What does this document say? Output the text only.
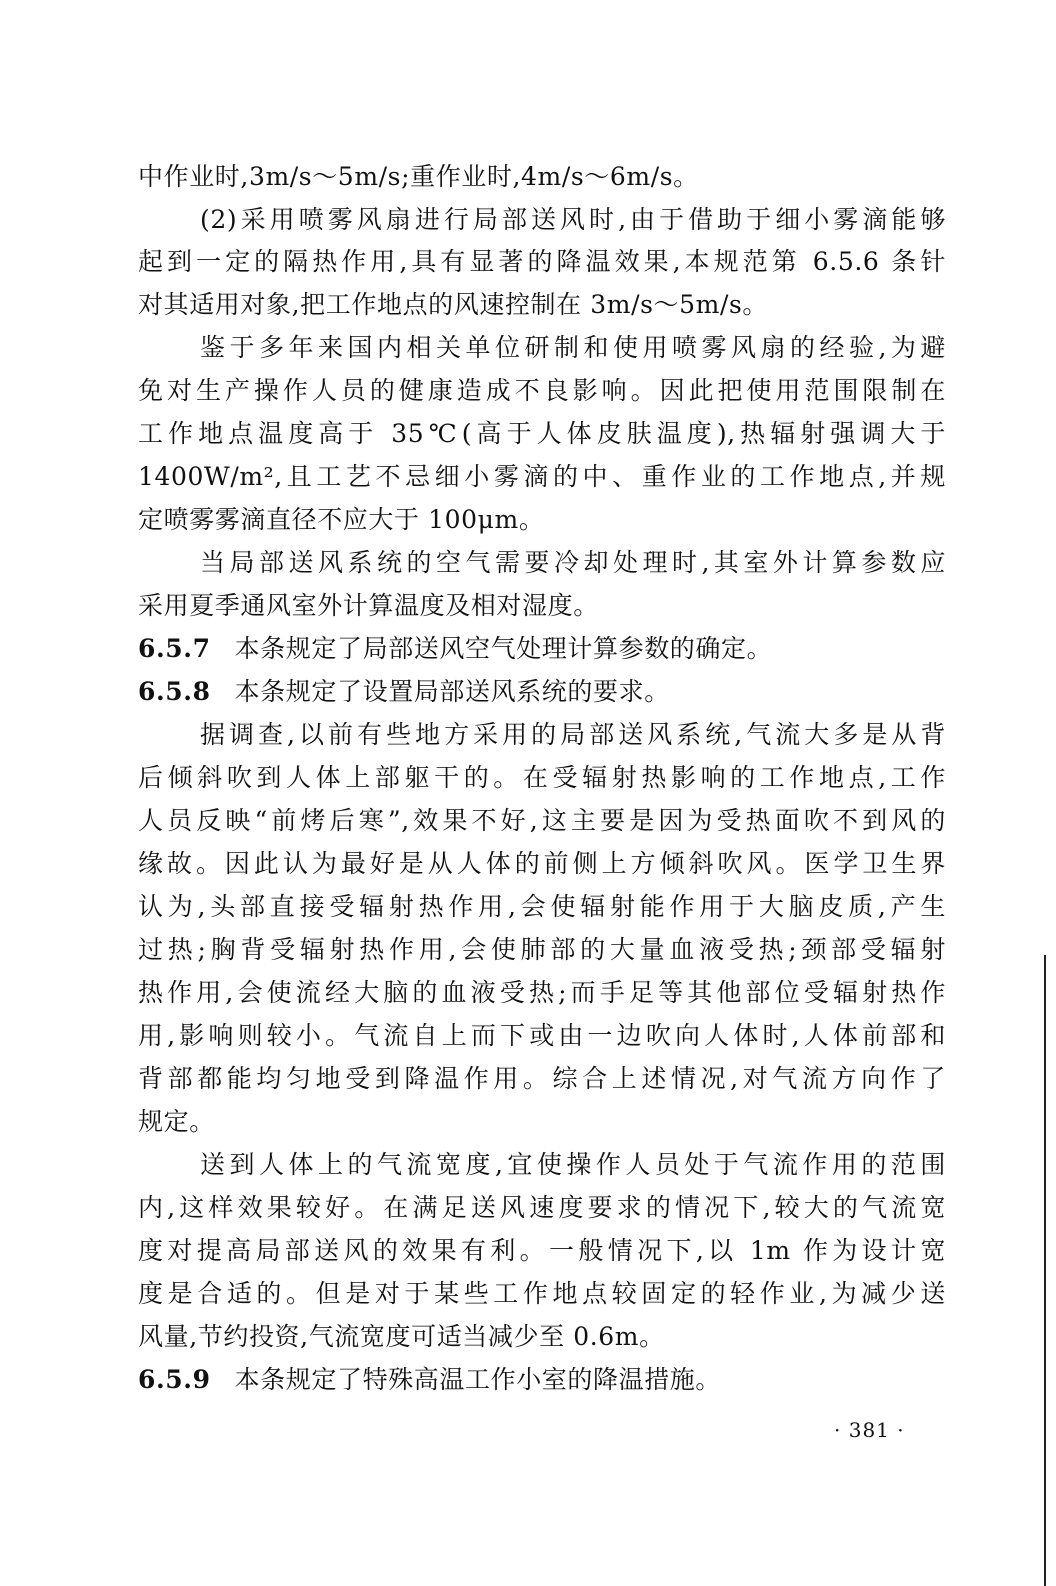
中作业时,3m/s～5m/s;重作业时,4m/s～6m/s。
(2)采用喷雾风扇进行局部送风时,由于借助于细小雾滴能够
起到一定的隔热作用,具有显著的降温效果,本规范第 6.5.6 条针
对其适用对象,把工作地点的风速控制在 3m/s～5m/s。
鉴于多年来国内相关单位研制和使用喷雾风扇的经验,为避
免对生产操作人员的健康造成不良影响。因此把使用范围限制在
工作地点温度高于 35℃(高于人体皮肤温度),热辐射强调大于
1400W/m²,且工艺不忌细小雾滴的中、重作业的工作地点,并规
定喷雾雾滴直径不应大于 100μm。
当局部送风系统的空气需要冷却处理时,其室外计算参数应
采用夏季通风室外计算温度及相对湿度。
6.5.7 本条规定了局部送风空气处理计算参数的确定。
6.5.8 本条规定了设置局部送风系统的要求。
据调查,以前有些地方采用的局部送风系统,气流大多是从背
后倾斜吹到人体上部躯干的。在受辐射热影响的工作地点,工作
人员反映“前烤后寒”,效果不好,这主要是因为受热面吹不到风的
缘故。因此认为最好是从人体的前侧上方倾斜吹风。医学卫生界
认为,头部直接受辐射热作用,会使辐射能作用于大脑皮质,产生
过热;胸背受辐射热作用,会使肺部的大量血液受热;颈部受辐射
热作用,会使流经大脑的血液受热;而手足等其他部位受辐射热作
用,影响则较小。气流自上而下或由一边吹向人体时,人体前部和
背部都能均匀地受到降温作用。综合上述情况,对气流方向作了
规定。
送到人体上的气流宽度,宜使操作人员处于气流作用的范围
内,这样效果较好。在满足送风速度要求的情况下,较大的气流宽
度对提高局部送风的效果有利。一般情况下,以 1m 作为设计宽
度是合适的。但是对于某些工作地点较固定的轻作业,为减少送
风量,节约投资,气流宽度可适当减少至 0.6m。
6.5.9 本条规定了特殊高温工作小室的降温措施。
· 381 ·
